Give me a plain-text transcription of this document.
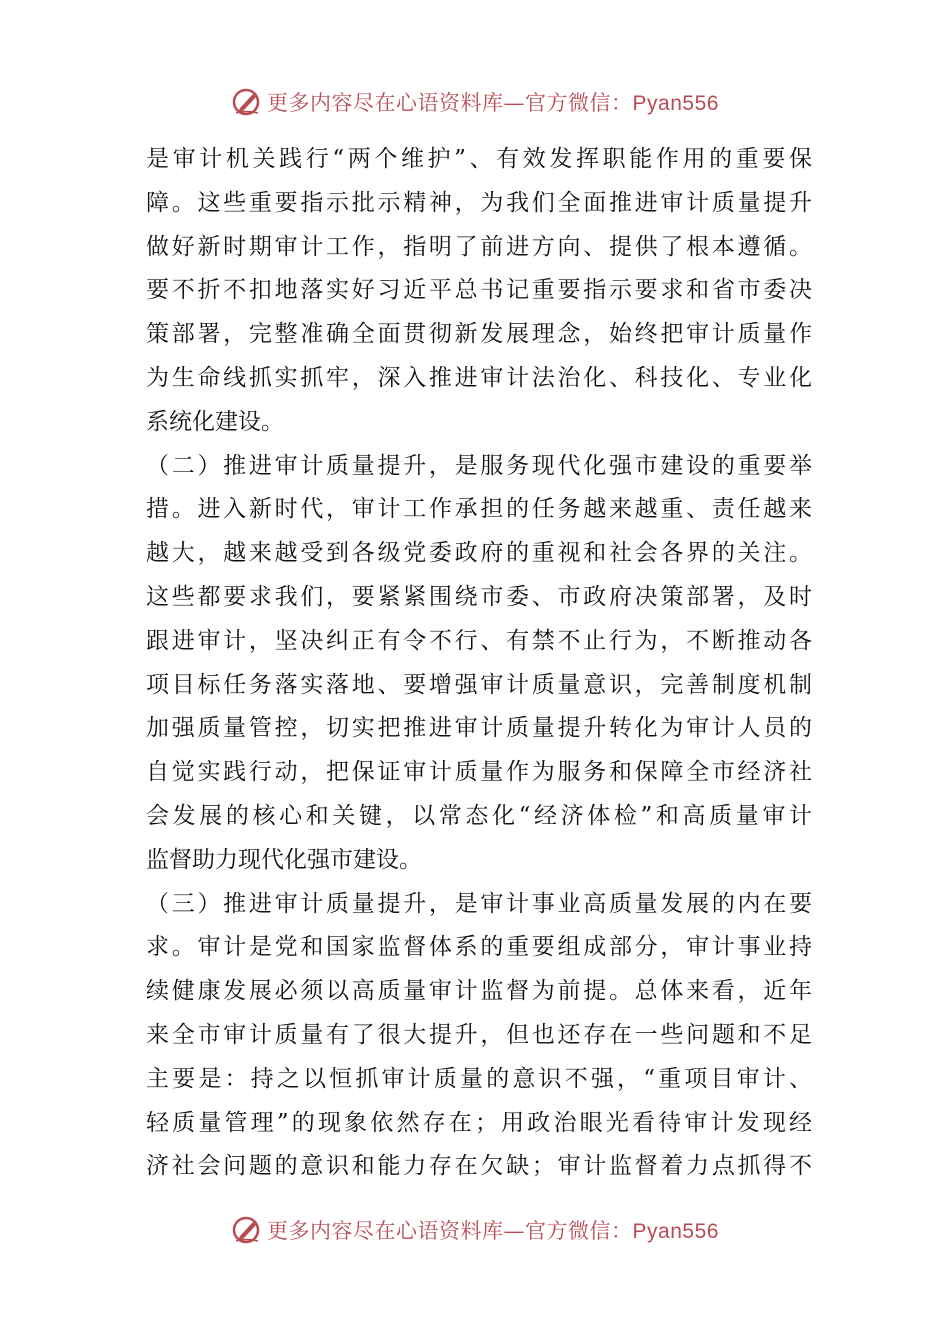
更多内容尽在心语资料库—官方微信：Pyan556
是审计机关践行“两个维护”、有效发挥职能作用的重要保
障。这些重要指示批示精神，为我们全面推进审计质量提升
做好新时期审计工作，指明了前进方向、提供了根本遵循。
要不折不扣地落实好习近平总书记重要指示要求和省市委决
策部署，完整准确全面贯彻新发展理念，始终把审计质量作
为生命线抓实抓牢，深入推进审计法治化、科技化、专业化
系统化建设。
（二）推进审计质量提升，是服务现代化强市建设的重要举
措。进入新时代，审计工作承担的任务越来越重、责任越来
越大，越来越受到各级党委政府的重视和社会各界的关注。
这些都要求我们，要紧紧围绕市委、市政府决策部署，及时
跟进审计，坚决纠正有令不行、有禁不止行为，不断推动各
项目标任务落实落地、要增强审计质量意识，完善制度机制
加强质量管控，切实把推进审计质量提升转化为审计人员的
自觉实践行动，把保证审计质量作为服务和保障全市经济社
会发展的核心和关键，以常态化“经济体检”和高质量审计
监督助力现代化强市建设。
（三）推进审计质量提升，是审计事业高质量发展的内在要
求。审计是党和国家监督体系的重要组成部分，审计事业持
续健康发展必须以高质量审计监督为前提。总体来看，近年
来全市审计质量有了很大提升，但也还存在一些问题和不足
主要是：持之以恒抓审计质量的意识不强，“重项目审计、
轻质量管理”的现象依然存在；用政治眼光看待审计发现经
济社会问题的意识和能力存在欠缺；审计监督着力点抓得不
更多内容尽在心语资料库—官方微信：Pyan556
